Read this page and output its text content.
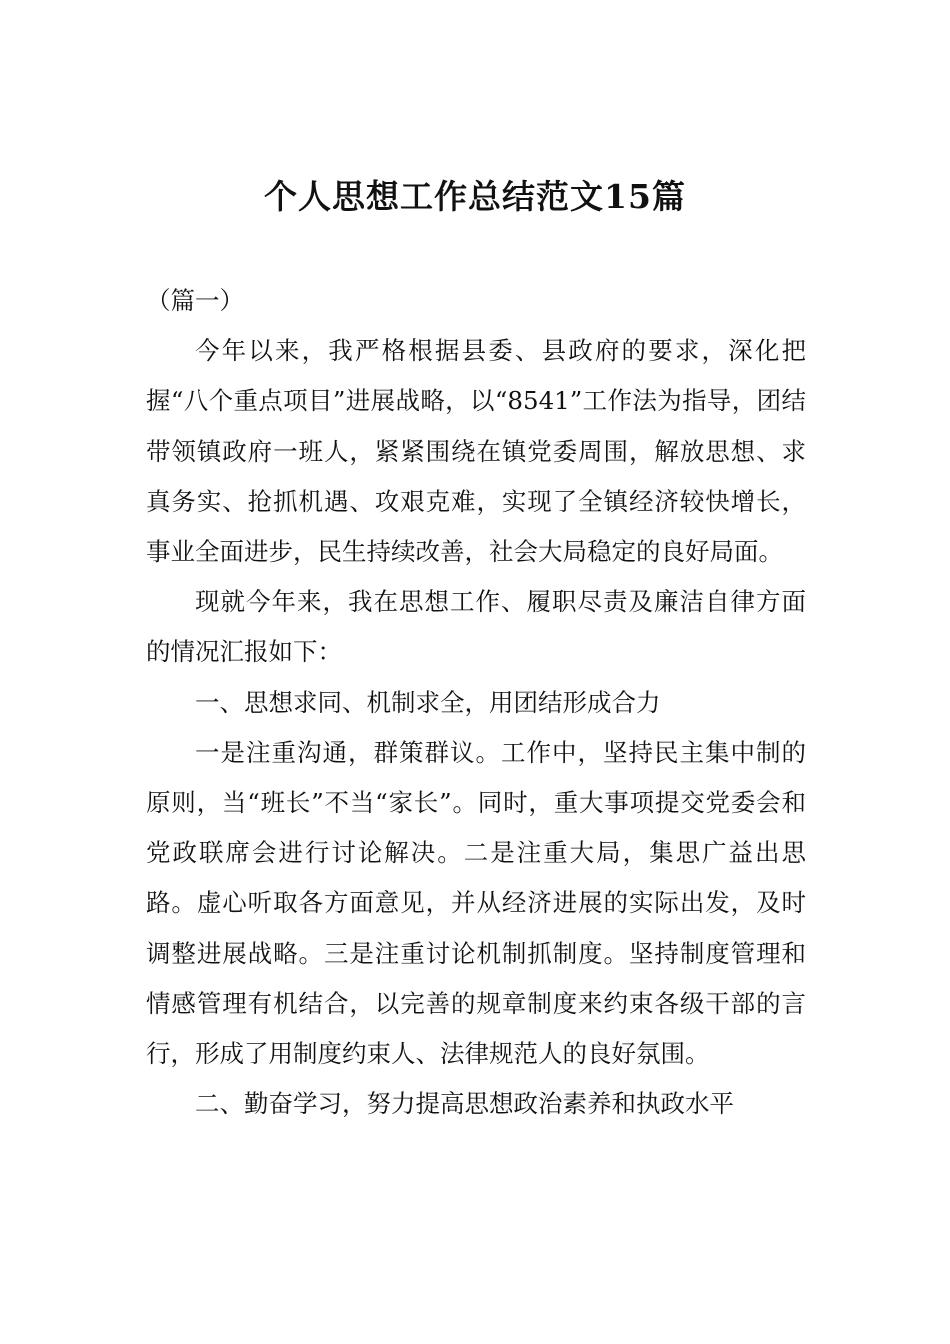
个人思想工作总结范文15篇

（篇一）

今年以来，我严格根据县委、县政府的要求，深化把握“八个重点项目”进展战略，以“8541”工作法为指导，团结带领镇政府一班人，紧紧围绕在镇党委周围，解放思想、求真务实、抢抓机遇、攻艰克难，实现了全镇经济较快增长，事业全面进步，民生持续改善，社会大局稳定的良好局面。

现就今年来，我在思想工作、履职尽责及廉洁自律方面的情况汇报如下：

一、思想求同、机制求全，用团结形成合力

一是注重沟通，群策群议。工作中，坚持民主集中制的原则，当“班长”不当“家长”。同时，重大事项提交党委会和党政联席会进行讨论解决。二是注重大局，集思广益出思路。虚心听取各方面意见，并从经济进展的实际出发，及时调整进展战略。三是注重讨论机制抓制度。坚持制度管理和情感管理有机结合，以完善的规章制度来约束各级干部的言行，形成了用制度约束人、法律规范人的良好氛围。

二、勤奋学习，努力提高思想政治素养和执政水平
